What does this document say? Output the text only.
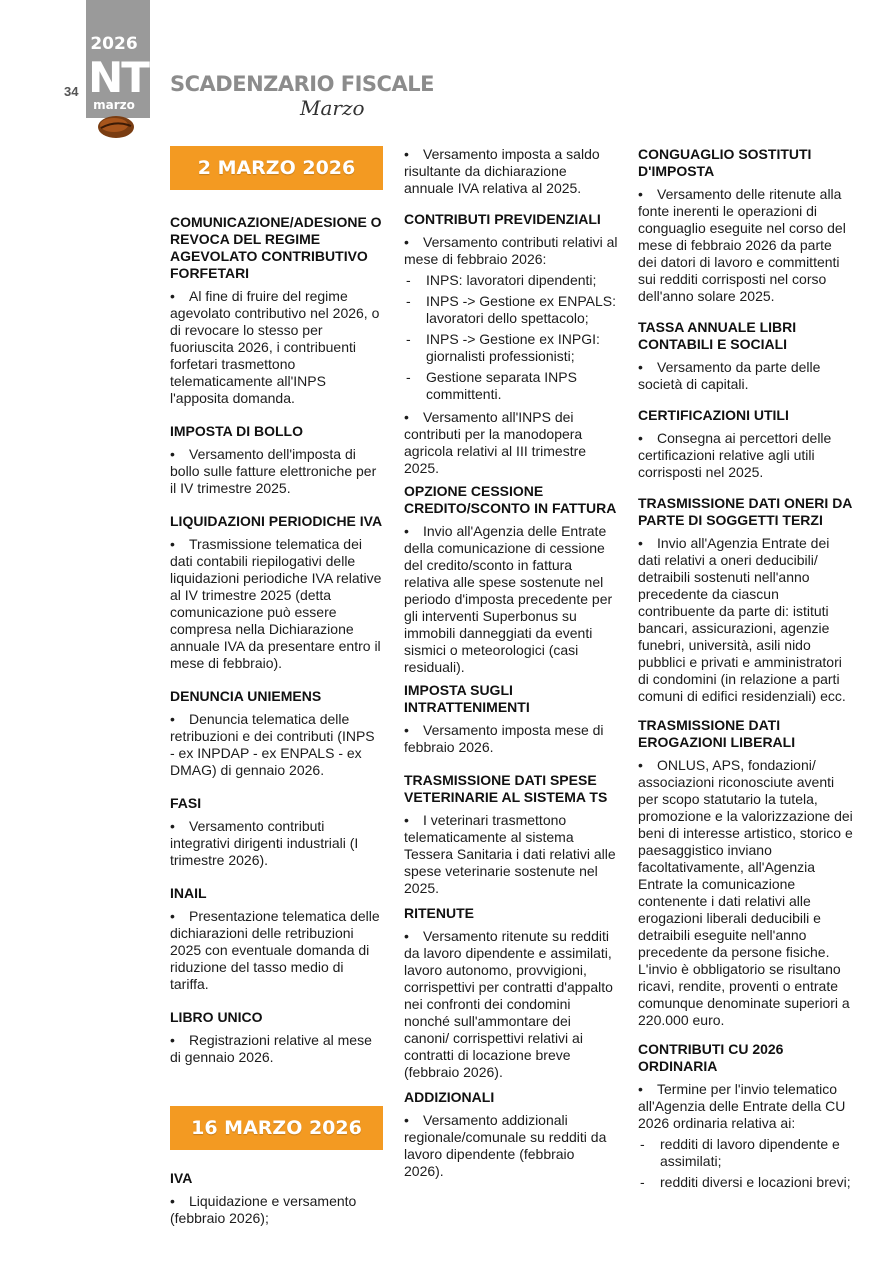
2026
NT
marzo
34	SCADENZARIO FISCALE
Marzo
2 MARZO 2026
COMUNICAZIONE/ADESIONE O REVOCA DEL REGIME AGEVOLATO CONTRIBUTIVO FORFETARI

• Al fine di fruire del regime agevolato contributivo nel 2026, o di revocare lo stesso per fuoriuscita 2026, i contribuenti forfetari trasmettono telematicamente all'INPS l'apposita domanda.

IMPOSTA DI BOLLO

• Versamento dell'imposta di bollo sulle fatture elettroniche per il IV trimestre 2025.

LIQUIDAZIONI PERIODICHE IVA

• Trasmissione telematica dei dati contabili riepilogativi delle liquidazioni periodiche IVA relative al IV trimestre 2025 (detta comunicazione può essere compresa nella Dichiarazione annuale IVA da presentare entro il mese di febbraio).

DENUNCIA UNIEMENS

• Denuncia telematica delle retribuzioni e dei contributi (INPS - ex INPDAP - ex ENPALS - ex DMAG) di gennaio 2026.

FASI

• Versamento contributi integrativi dirigenti industriali (I trimestre 2026).

INAIL

• Presentazione telematica delle dichiarazioni delle retribuzioni 2025 con eventuale domanda di riduzione del tasso medio di tariffa.

LIBRO UNICO

• Registrazioni relative al mese di gennaio 2026.

16 MARZO 2026
IVA

• Liquidazione e versamento (febbraio 2026);

• Versamento imposta a saldo risultante da dichiarazione annuale IVA relativa al 2025.

CONTRIBUTI PREVIDENZIALI

• Versamento contributi relativi al mese di febbraio 2026:

- INPS: lavoratori dipendenti;
- INPS -> Gestione ex ENPALS: lavoratori dello spettacolo;
- INPS -> Gestione ex INPGI: giornalisti professionisti;
- Gestione separata INPS committenti.

• Versamento all'INPS dei contributi per la manodopera agricola relativi al III trimestre 2025.

OPZIONE CESSIONE CREDITO/SCONTO IN FATTURA

• Invio all'Agenzia delle Entrate della comunicazione di cessione del credito/sconto in fattura relativa alle spese sostenute nel periodo d'imposta precedente per gli interventi Superbonus su immobili danneggiati da eventi sismici o meteorologici (casi residuali).

IMPOSTA SUGLI INTRATTENIMENTI

• Versamento imposta mese di febbraio 2026.

TRASMISSIONE DATI SPESE VETERINARIE AL SISTEMA TS

• I veterinari trasmettono telematicamente al sistema Tessera Sanitaria i dati relativi alle spese veterinarie sostenute nel 2025.

RITENUTE

• Versamento ritenute su redditi da lavoro dipendente e assimilati, lavoro autonomo, provvigioni, corrispettivi per contratti d'appalto nei confronti dei condomini nonché sull'ammontare dei canoni/ corrispettivi relativi ai contratti di locazione breve (febbraio 2026).

ADDIZIONALI

• Versamento addizionali regionale/comunale su redditi da lavoro dipendente (febbraio 2026).

CONGUAGLIO SOSTITUTI D'IMPOSTA

• Versamento delle ritenute alla fonte inerenti le operazioni di conguaglio eseguite nel corso del mese di febbraio 2026 da parte dei datori di lavoro e committenti sui redditi corrisposti nel corso dell'anno solare 2025.

TASSA ANNUALE LIBRI CONTABILI E SOCIALI

• Versamento da parte delle società di capitali.

CERTIFICAZIONI UTILI

• Consegna ai percettori delle certificazioni relative agli utili corrisposti nel 2025.

TRASMISSIONE DATI ONERI DA PARTE DI SOGGETTI TERZI

• Invio all'Agenzia Entrate dei dati relativi a oneri deducibili/ detraibili sostenuti nell'anno precedente da ciascun contribuente da parte di: istituti bancari, assicurazioni, agenzie funebri, università, asili nido pubblici e privati e amministratori di condomini (in relazione a parti comuni di edifici residenziali) ecc.

TRASMISSIONE DATI EROGAZIONI LIBERALI

• ONLUS, APS, fondazioni/ associazioni riconosciute aventi per scopo statutario la tutela, promozione e la valorizzazione dei beni di interesse artistico, storico e paesaggistico inviano facoltativamente, all'Agenzia Entrate la comunicazione contenente i dati relativi alle erogazioni liberali deducibili e detraibili eseguite nell'anno precedente da persone fisiche. L'invio è obbligatorio se risultano ricavi, rendite, proventi o entrate comunque denominate superiori a 220.000 euro.

CONTRIBUTI CU 2026 ORDINARIA

• Termine per l'invio telematico all'Agenzia delle Entrate della CU 2026 ordinaria relativa ai:

- redditi di lavoro dipendente e assimilati;
- redditi diversi e locazioni brevi;
